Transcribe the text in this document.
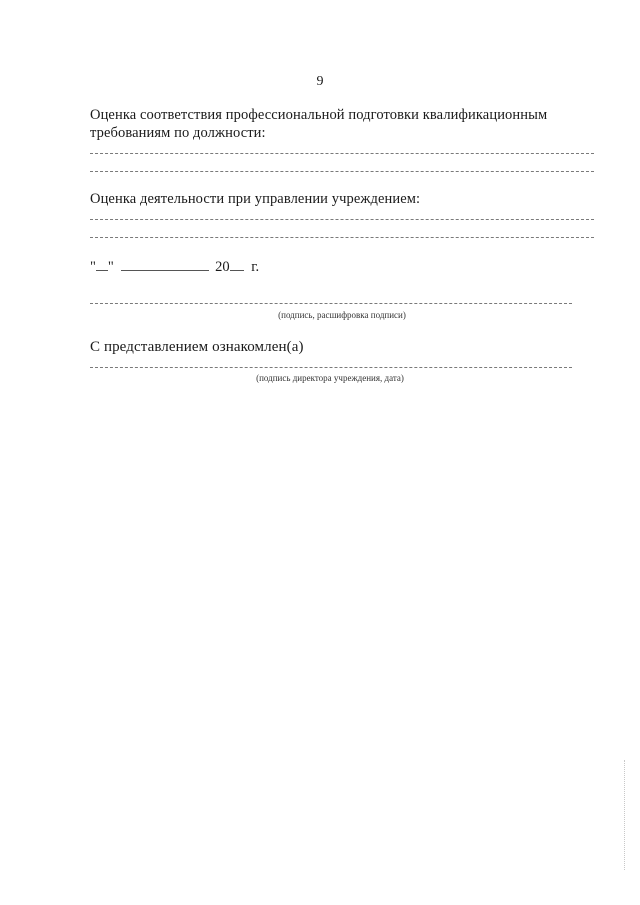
9
Оценка соответствия профессиональной подготовки квалификационным
требованиям по должности:
Оценка деятельности при управлении учреждением:
" "	20 г.
(подпись, расшифровка подписи)
С представлением ознакомлен(а)
(подпись директора учреждения, дата)
